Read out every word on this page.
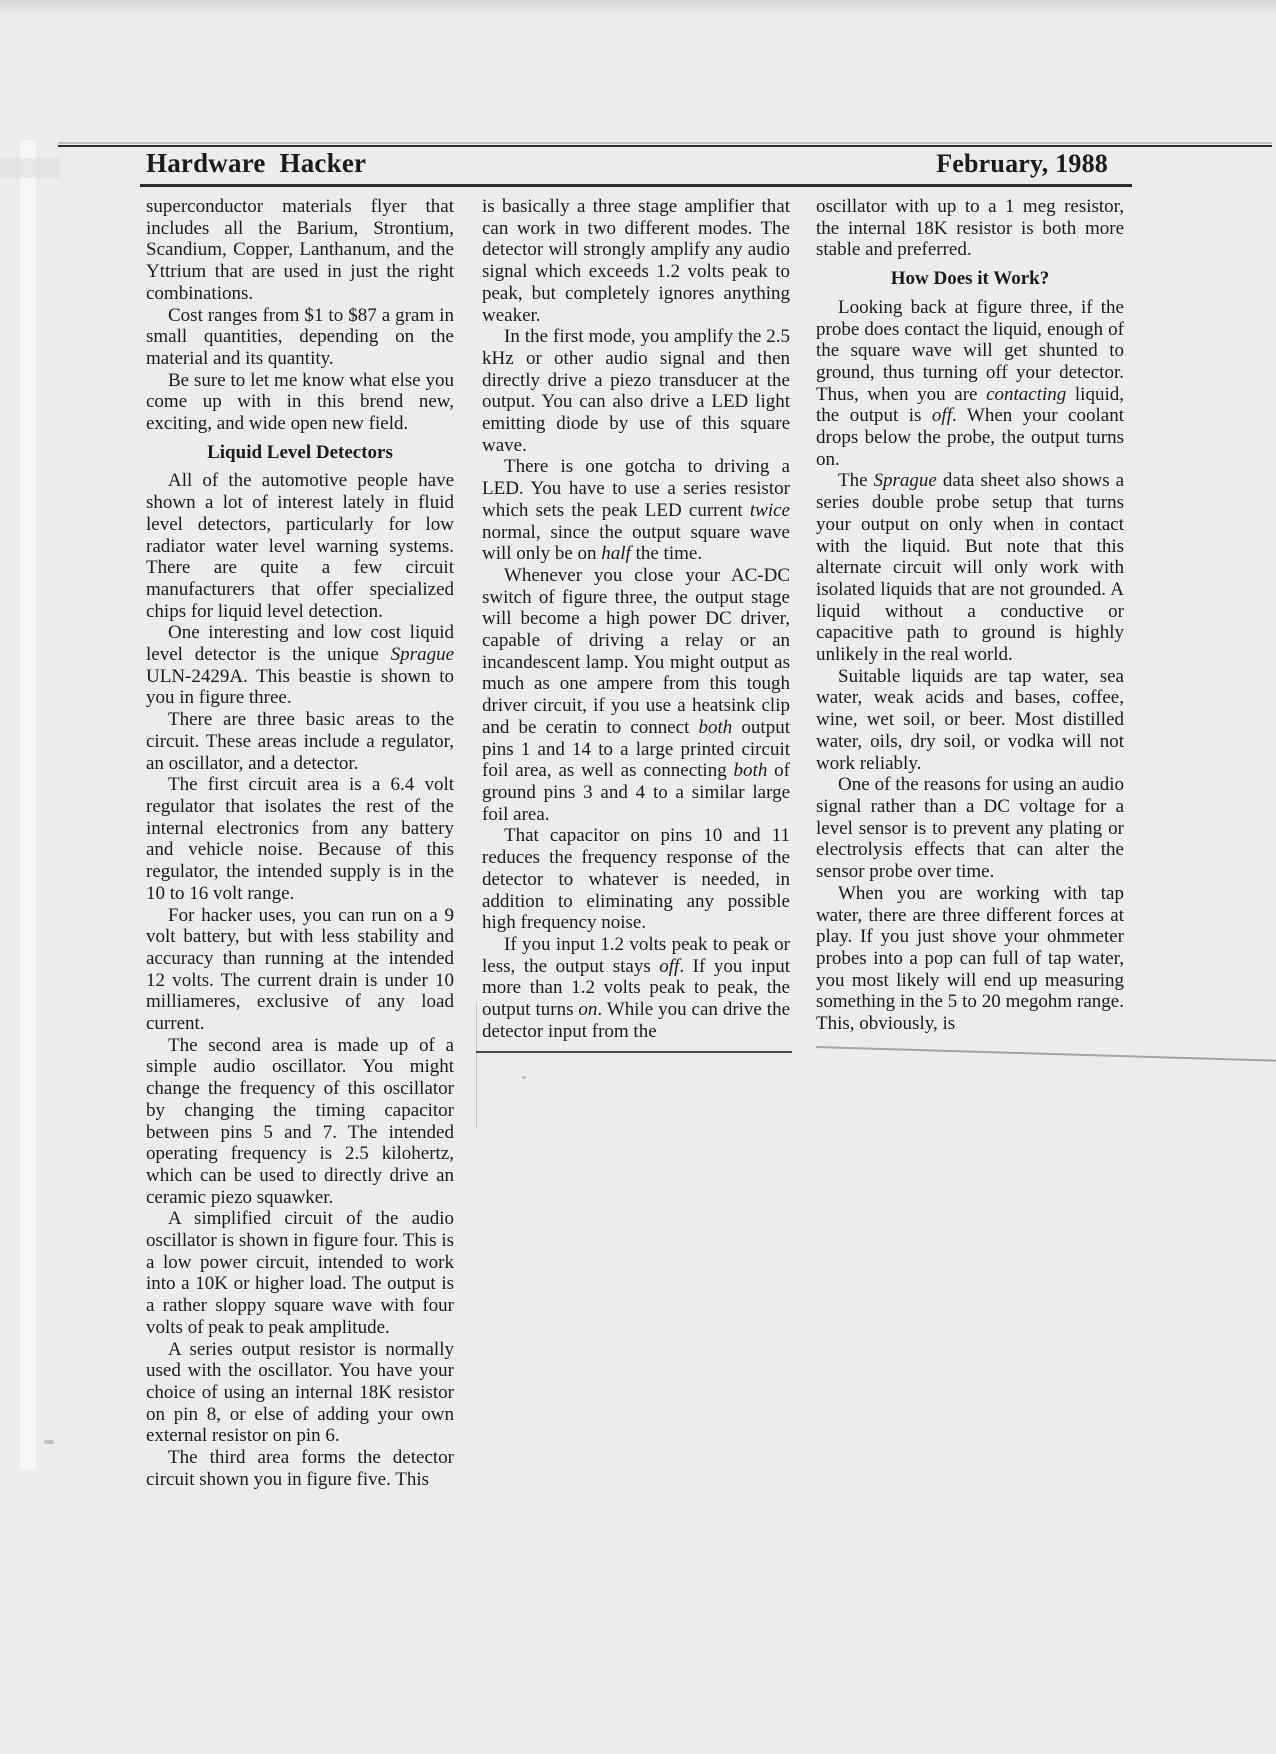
Hardware Hacker	February, 1988

superconductor materials flyer that includes all the Barium, Strontium, Scandium, Copper, Lanthanum, and the Yttrium that are used in just the right combinations.

Cost ranges from $1 to $87 a gram in small quantities, depending on the material and its quantity.

Be sure to let me know what else you come up with in this brend new, exciting, and wide open new field.

Liquid Level Detectors

All of the automotive people have shown a lot of interest lately in fluid level detectors, particularly for low radiator water level warning systems. There are quite a few circuit manufacturers that offer specialized chips for liquid level detection.

One interesting and low cost liquid level detector is the unique Sprague ULN-2429A. This beastie is shown to you in figure three.

There are three basic areas to the circuit. These areas include a regulator, an oscillator, and a detector.

The first circuit area is a 6.4 volt regulator that isolates the rest of the internal electronics from any battery and vehicle noise. Because of this regulator, the intended supply is in the 10 to 16 volt range.

For hacker uses, you can run on a 9 volt battery, but with less stability and accuracy than running at the intended 12 volts. The current drain is under 10 milliameres, exclusive of any load current.

The second area is made up of a simple audio oscillator. You might change the frequency of this oscillator by changing the timing capacitor between pins 5 and 7. The intended operating frequency is 2.5 kilohertz, which can be used to directly drive an ceramic piezo squawker.

A simplified circuit of the audio oscillator is shown in figure four. This is a low power circuit, intended to work into a 10K or higher load. The output is a rather sloppy square wave with four volts of peak to peak amplitude.

A series output resistor is normally used with the oscillator. You have your choice of using an internal 18K resistor on pin 8, or else of adding your own external resistor on pin 6.

The third area forms the detector circuit shown you in figure five. This

is basically a three stage amplifier that can work in two different modes. The detector will strongly amplify any audio signal which exceeds 1.2 volts peak to peak, but completely ignores anything weaker.

In the first mode, you amplify the 2.5 kHz or other audio signal and then directly drive a piezo transducer at the output. You can also drive a LED light emitting diode by use of this square wave.

There is one gotcha to driving a LED. You have to use a series resistor which sets the peak LED current twice normal, since the output square wave will only be on half the time.

Whenever you close your AC-DC switch of figure three, the output stage will become a high power DC driver, capable of driving a relay or an incandescent lamp. You might output as much as one ampere from this tough driver circuit, if you use a heatsink clip and be ceratin to connect both output pins 1 and 14 to a large printed circuit foil area, as well as connecting both of ground pins 3 and 4 to a similar large foil area.

That capacitor on pins 10 and 11 reduces the frequency response of the detector to whatever is needed, in addition to eliminating any possible high frequency noise.

If you input 1.2 volts peak to peak or less, the output stays off. If you input more than 1.2 volts peak to peak, the output turns on. While you can drive the detector input from the

oscillator with up to a 1 meg resistor, the internal 18K resistor is both more stable and preferred.

How Does it Work?

Looking back at figure three, if the probe does contact the liquid, enough of the square wave will get shunted to ground, thus turning off your detector. Thus, when you are contacting liquid, the output is off. When your coolant drops below the probe, the output turns on.

The Sprague data sheet also shows a series double probe setup that turns your output on only when in contact with the liquid. But note that this alternate circuit will only work with isolated liquids that are not grounded. A liquid without a conductive or capacitive path to ground is highly unlikely in the real world.

Suitable liquids are tap water, sea water, weak acids and bases, coffee, wine, wet soil, or beer. Most distilled water, oils, dry soil, or vodka will not work reliably.

One of the reasons for using an audio signal rather than a DC voltage for a level sensor is to prevent any plating or electrolysis effects that can alter the sensor probe over time.

When you are working with tap water, there are three different forces at play. If you just shove your ohmmeter probes into a pop can full of tap water, you most likely will end up measuring something in the 5 to 20 megohm range. This, obviously, is
